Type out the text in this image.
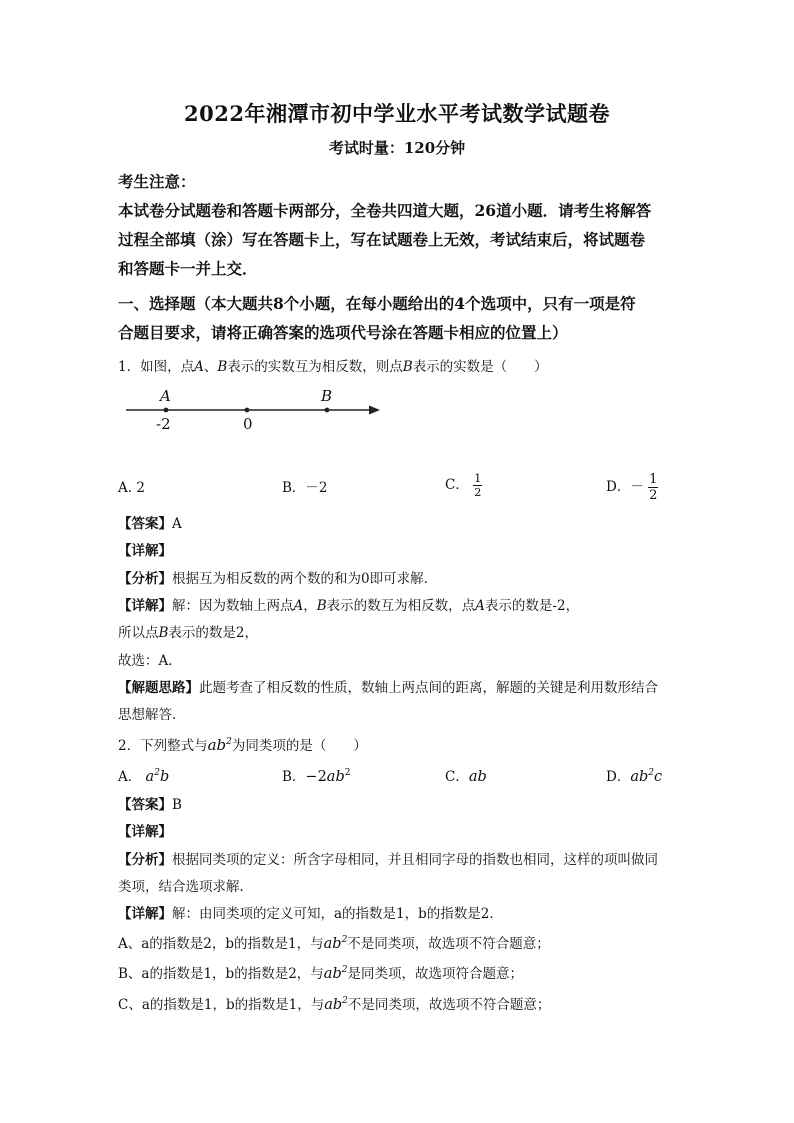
2022年湘潭市初中学业水平考试数学试题卷
考试时量：120分钟
考生注意：
本试卷分试题卷和答题卡两部分，全卷共四道大题，26道小题．请考生将解答
过程全部填（涂）写在答题卡上，写在试题卷上无效，考试结束后，将试题卷
和答题卡一并上交．
一、选择题（本大题共8个小题，在每小题给出的4个选项中，只有一项是符
合题目要求，请将正确答案的选项代号涂在答题卡相应的位置上）
1．如图，点A、B表示的实数互为相反数，则点B表示的实数是（　　）
A	B
-2	0
A. 2	B．－2	C． $\frac{1}{2}$	D．－ $\frac{1}{2}$
【答案】A
【详解】
【分析】根据互为相反数的两个数的和为0即可求解．
【详解】解：因为数轴上两点A，B表示的数互为相反数，点A表示的数是-2，
所以点B表示的数是2，
故选：A．
【解题思路】此题考查了相反数的性质，数轴上两点间的距离，解题的关键是利用数形结合
思想解答．
2．下列整式与$ab^2$为同类项的是（　　）
A． $a^2b$	B．$-2ab^2$	C．ab	D．$ab^2c$
【答案】B
【详解】
【分析】根据同类项的定义：所含字母相同，并且相同字母的指数也相同，这样的项叫做同
类项，结合选项求解．
【详解】解：由同类项的定义可知，a的指数是1，b的指数是2．
A、a的指数是2，b的指数是1，与$ab^2$不是同类项，故选项不符合题意；
B、a的指数是1，b的指数是2，与$ab^2$是同类项，故选项符合题意；
C、a的指数是1，b的指数是1，与$ab^2$不是同类项，故选项不符合题意；
